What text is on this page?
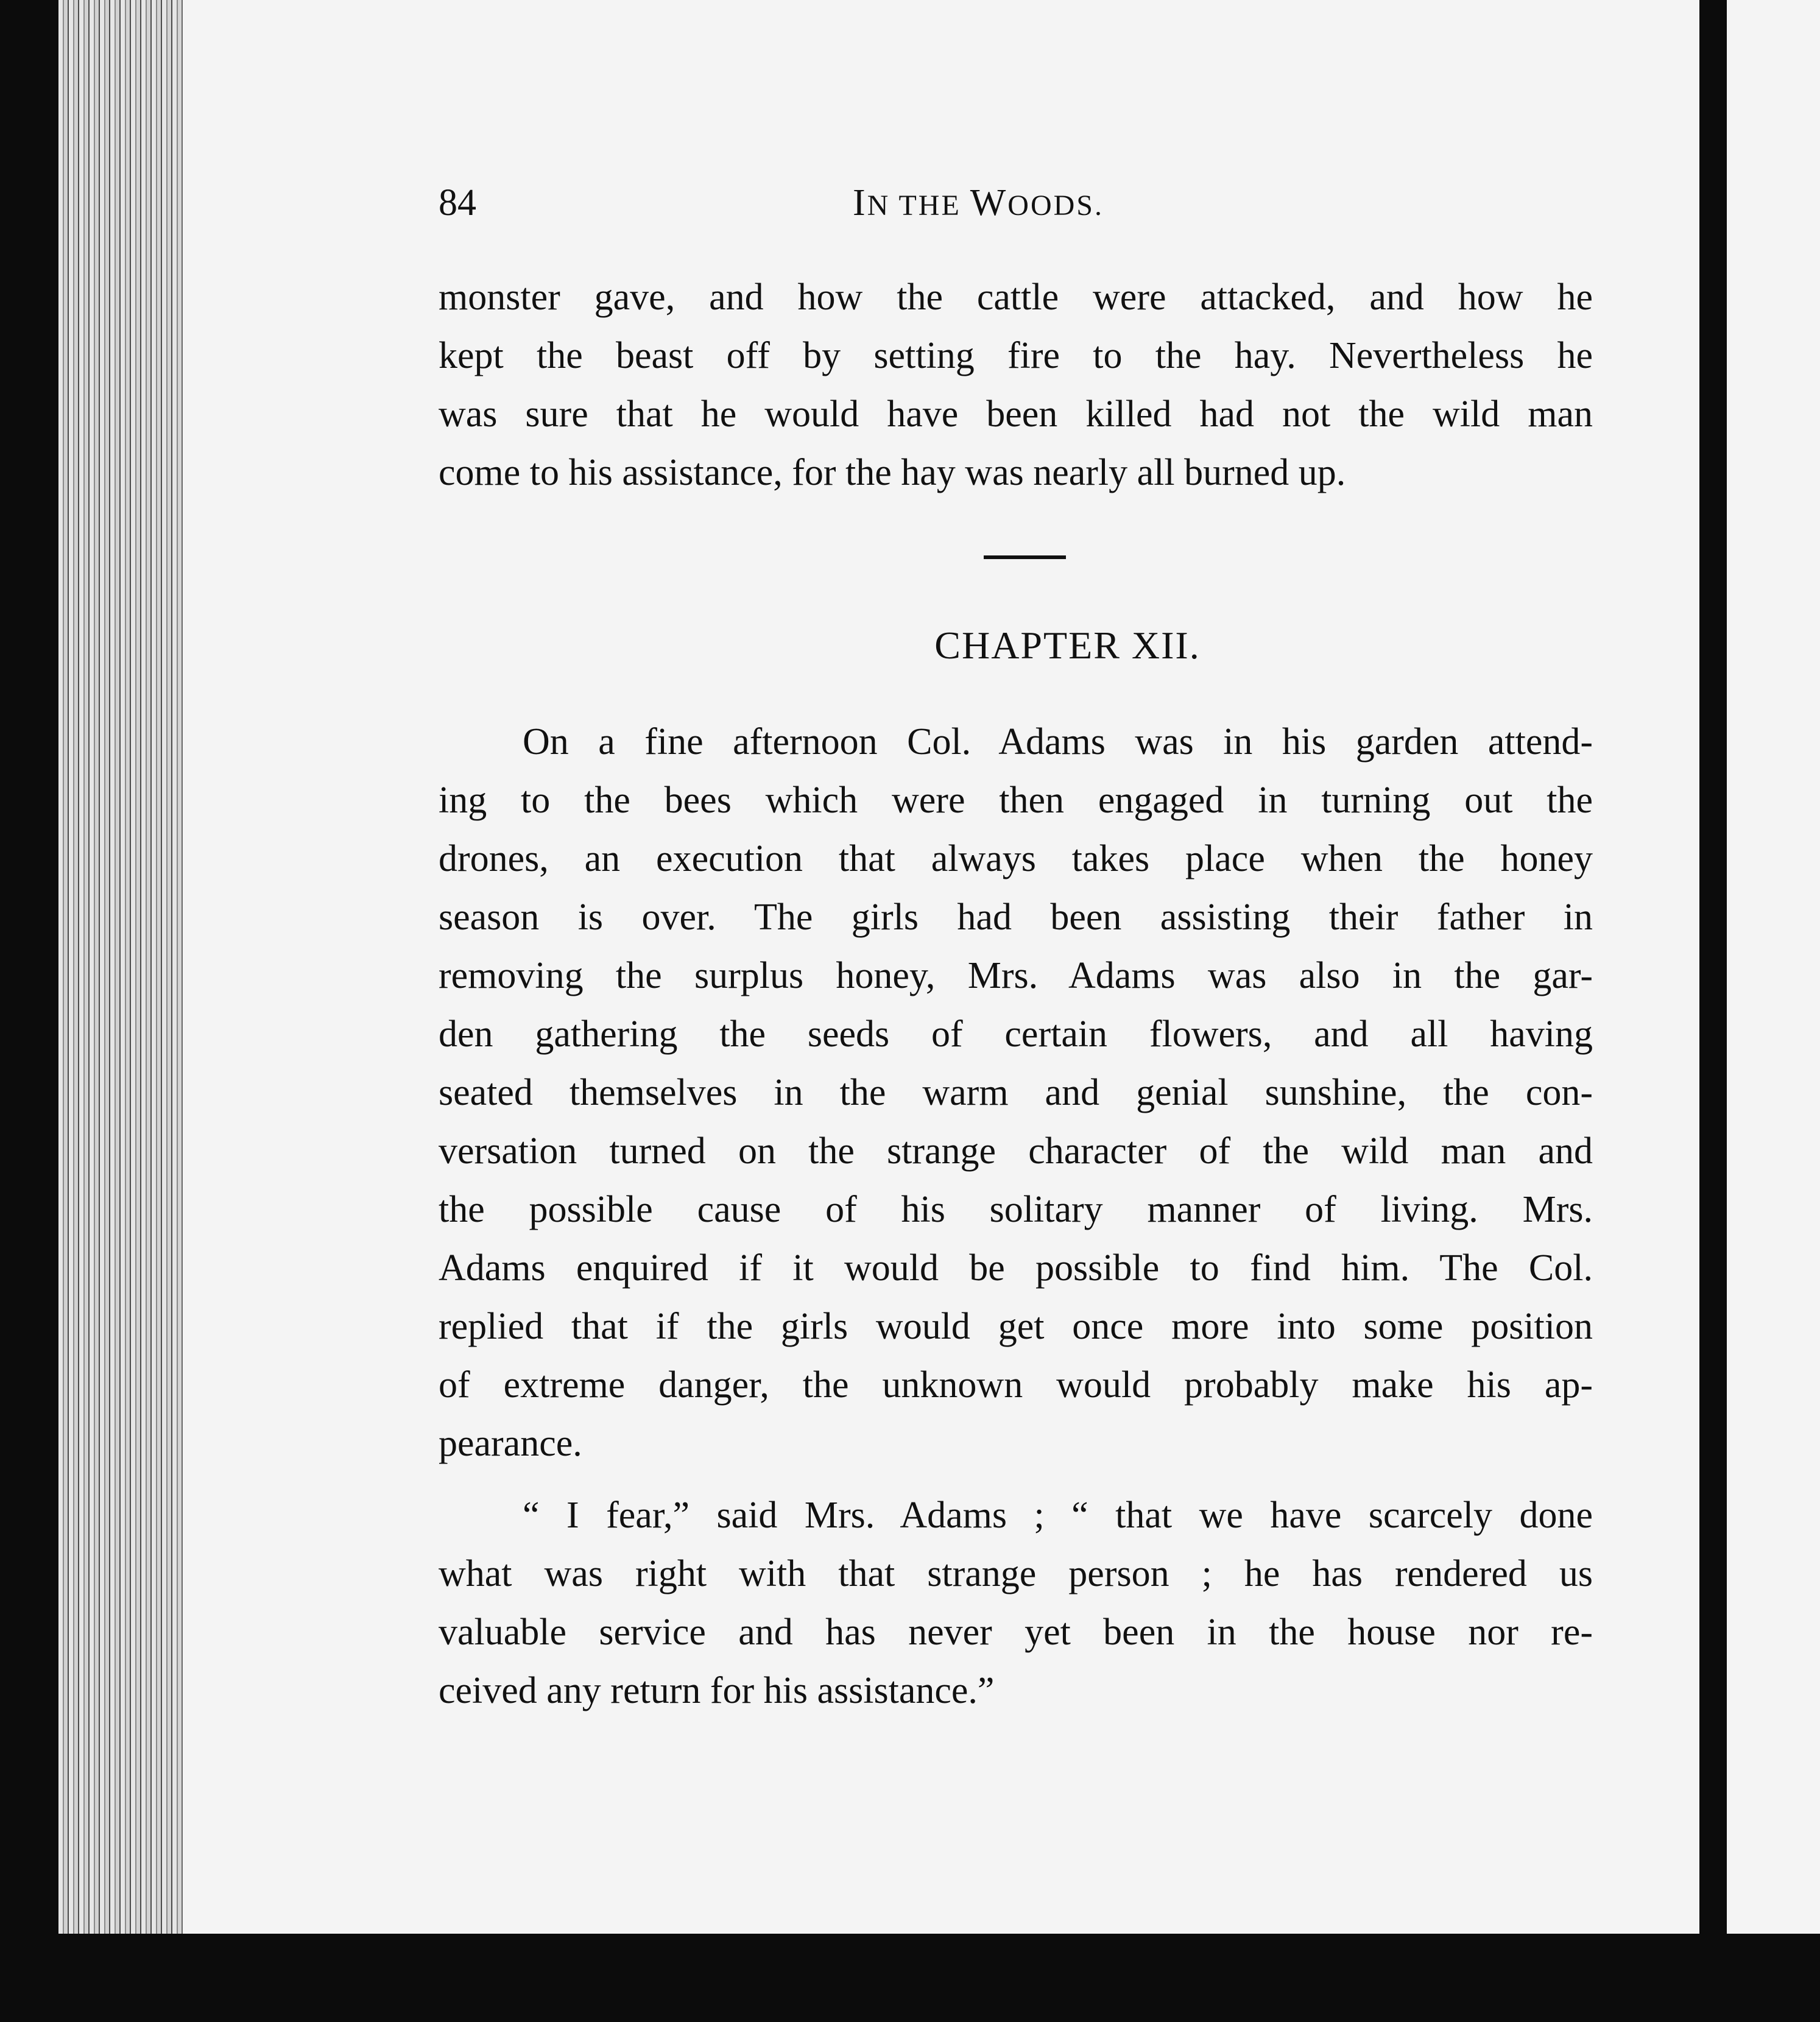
84	IN THE WOODS.
monster gave, and how the cattle were attacked, and how he
kept the beast off by setting fire to the hay. Nevertheless he
was sure that he would have been killed had not the wild man
come to his assistance, for the hay was nearly all burned up.
CHAPTER XII.
On a fine afternoon Col. Adams was in his garden attend-
ing to the bees which were then engaged in turning out the
drones, an execution that always takes place when the honey
season is over. The girls had been assisting their father in
removing the surplus honey, Mrs. Adams was also in the gar-
den gathering the seeds of certain flowers, and all having
seated themselves in the warm and genial sunshine, the con-
versation turned on the strange character of the wild man and
the possible cause of his solitary manner of living. Mrs.
Adams enquired if it would be possible to find him. The Col.
replied that if the girls would get once more into some position
of extreme danger, the unknown would probably make his ap-
pearance.
“ I fear,” said Mrs. Adams ; “ that we have scarcely done
what was right with that strange person ; he has rendered us
valuable service and has never yet been in the house nor re-
ceived any return for his assistance.”
